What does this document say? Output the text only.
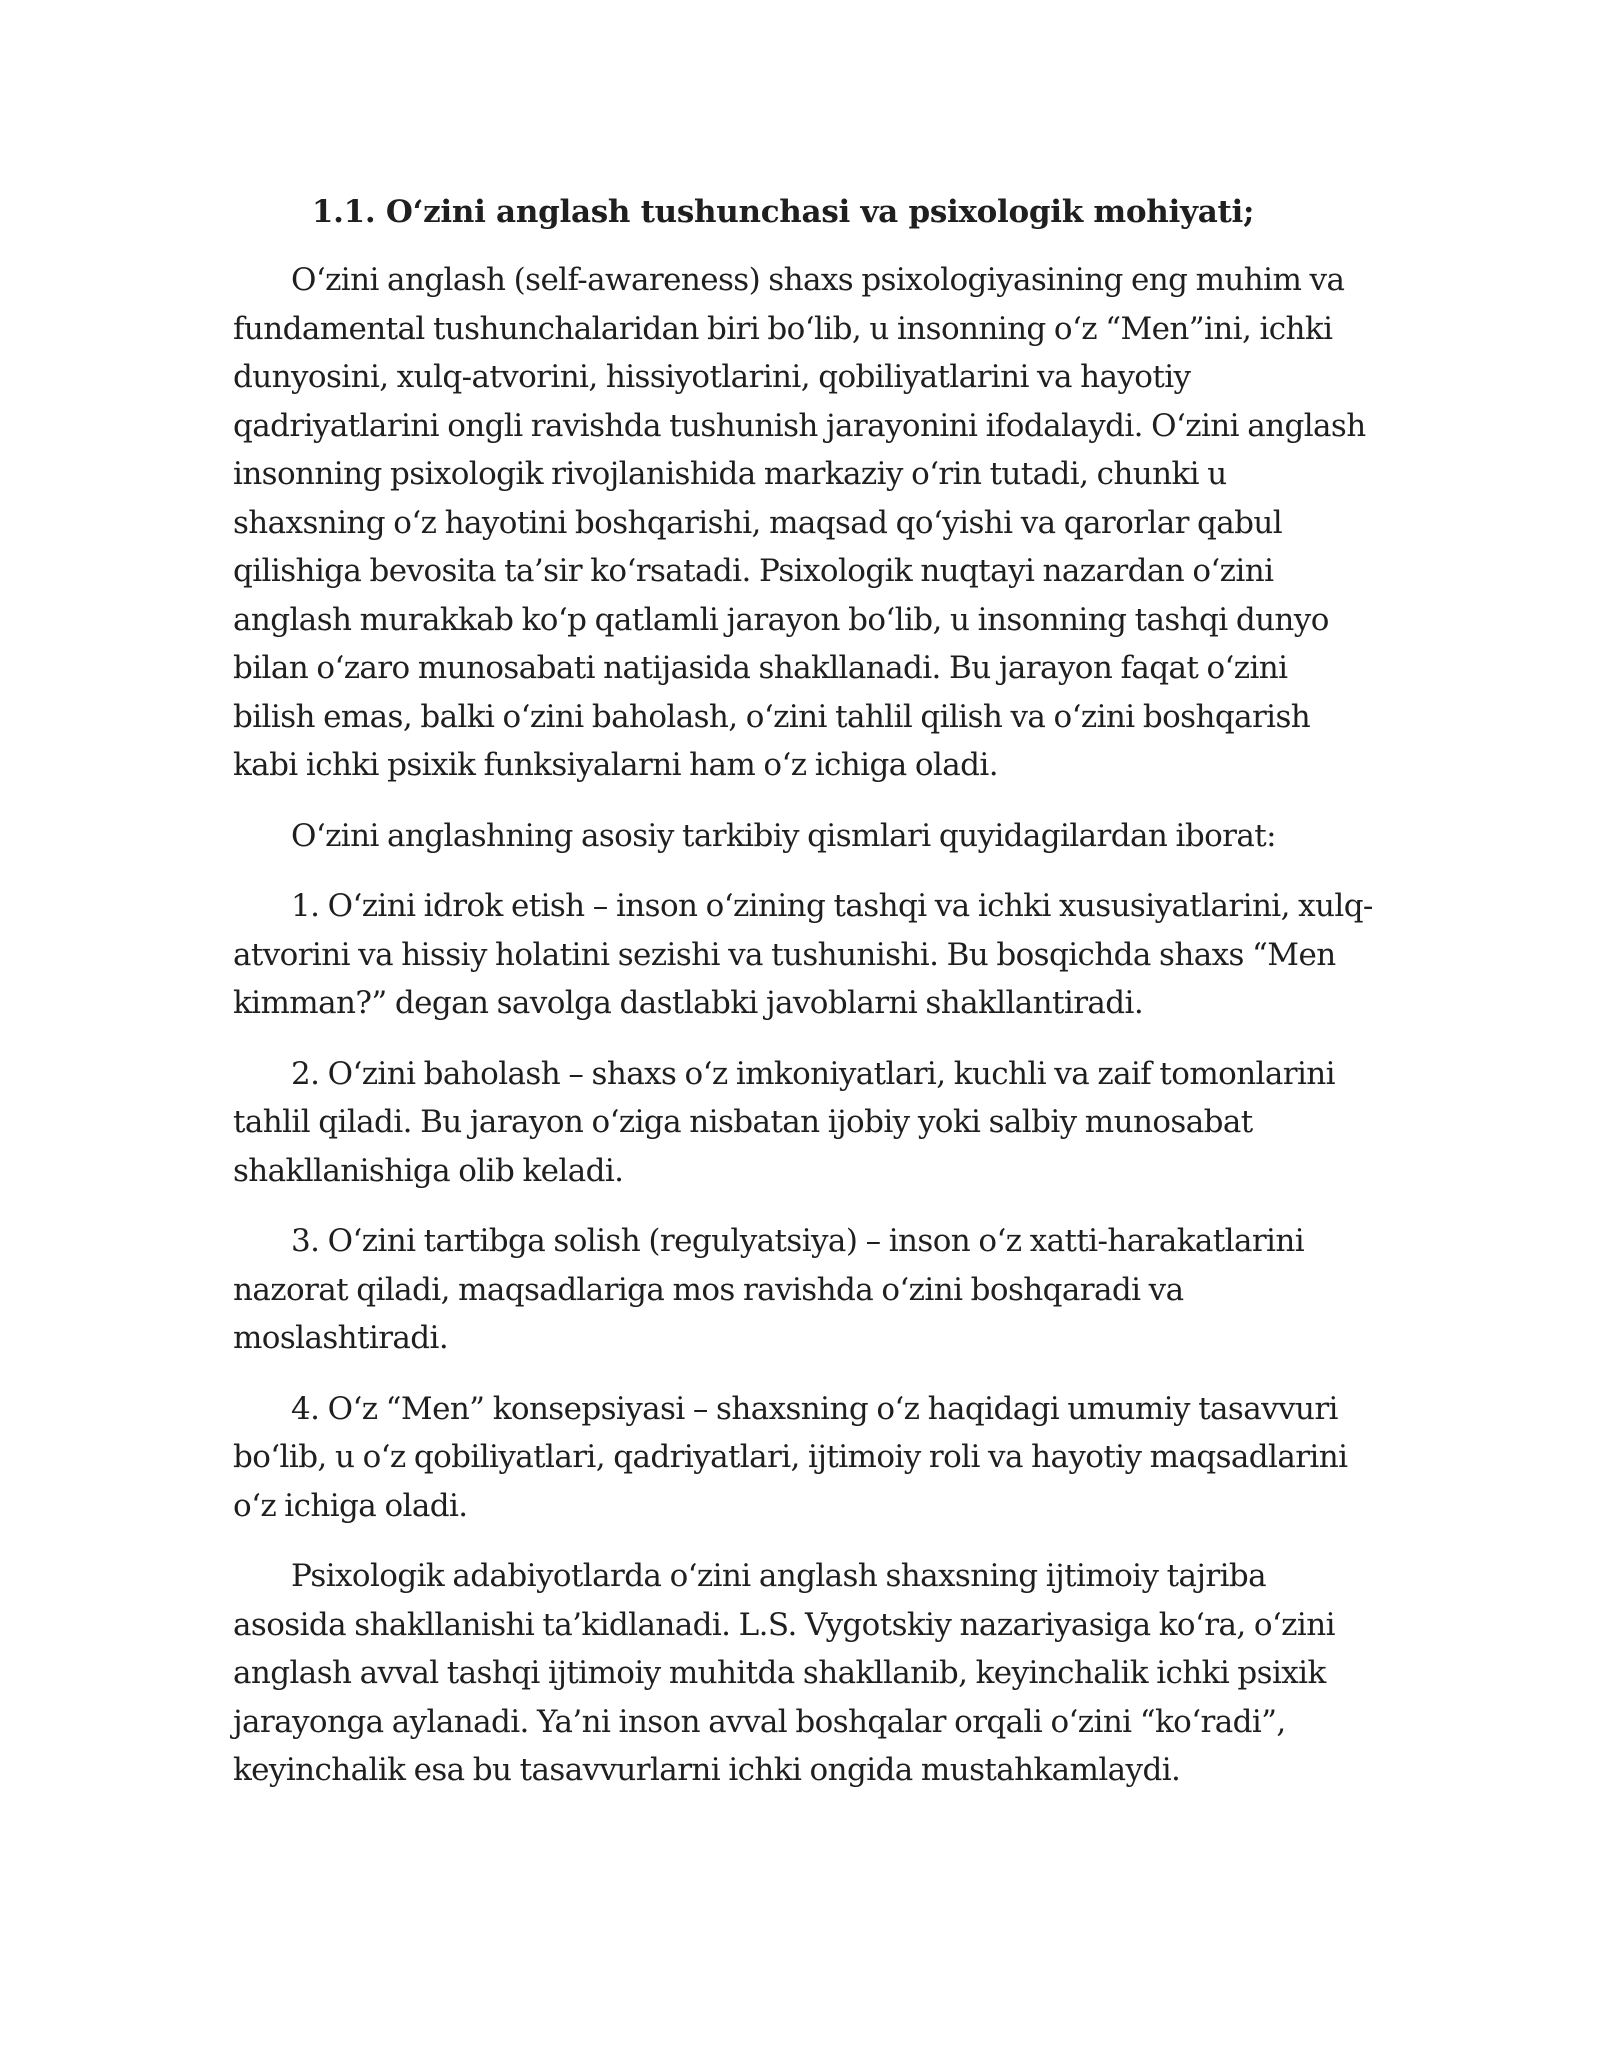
1.1. O‘zini anglash tushunchasi va psixologik mohiyati;

O‘zini anglash (self-awareness) shaxs psixologiyasining eng muhim va fundamental tushunchalaridan biri bo‘lib, u insonning o‘z “Men”ini, ichki dunyosini, xulq-atvorini, hissiyotlarini, qobiliyatlarini va hayotiy qadriyatlarini ongli ravishda tushunish jarayonini ifodalaydi. O‘zini anglash insonning psixologik rivojlanishida markaziy o‘rin tutadi, chunki u shaxsning o‘z hayotini boshqarishi, maqsad qo‘yishi va qarorlar qabul qilishiga bevosita ta’sir ko‘rsatadi. Psixologik nuqtayi nazardan o‘zini anglash murakkab ko‘p qatlamli jarayon bo‘lib, u insonning tashqi dunyo bilan o‘zaro munosabati natijasida shakllanadi. Bu jarayon faqat o‘zini bilish emas, balki o‘zini baholash, o‘zini tahlil qilish va o‘zini boshqarish kabi ichki psixik funksiyalarni ham o‘z ichiga oladi.

O‘zini anglashning asosiy tarkibiy qismlari quyidagilardan iborat:

1. O‘zini idrok etish – inson o‘zining tashqi va ichki xususiyatlarini, xulq-atvorini va hissiy holatini sezishi va tushunishi. Bu bosqichda shaxs “Men kimman?” degan savolga dastlabki javoblarni shakllantiradi.

2. O‘zini baholash – shaxs o‘z imkoniyatlari, kuchli va zaif tomonlarini tahlil qiladi. Bu jarayon o‘ziga nisbatan ijobiy yoki salbiy munosabat shakllanishiga olib keladi.

3. O‘zini tartibga solish (regulyatsiya) – inson o‘z xatti-harakatlarini nazorat qiladi, maqsadlariga mos ravishda o‘zini boshqaradi va moslashtiradi.

4. O‘z “Men” konsepsiyasi – shaxsning o‘z haqidagi umumiy tasavvuri bo‘lib, u o‘z qobiliyatlari, qadriyatlari, ijtimoiy roli va hayotiy maqsadlarini o‘z ichiga oladi.

Psixologik adabiyotlarda o‘zini anglash shaxsning ijtimoiy tajriba asosida shakllanishi ta’kidlanadi. L.S. Vygotskiy nazariyasiga ko‘ra, o‘zini anglash avval tashqi ijtimoiy muhitda shakllanib, keyinchalik ichki psixik jarayonga aylanadi. Ya’ni inson avval boshqalar orqali o‘zini “ko‘radi”, keyinchalik esa bu tasavvurlarni ichki ongida mustahkamlaydi.
